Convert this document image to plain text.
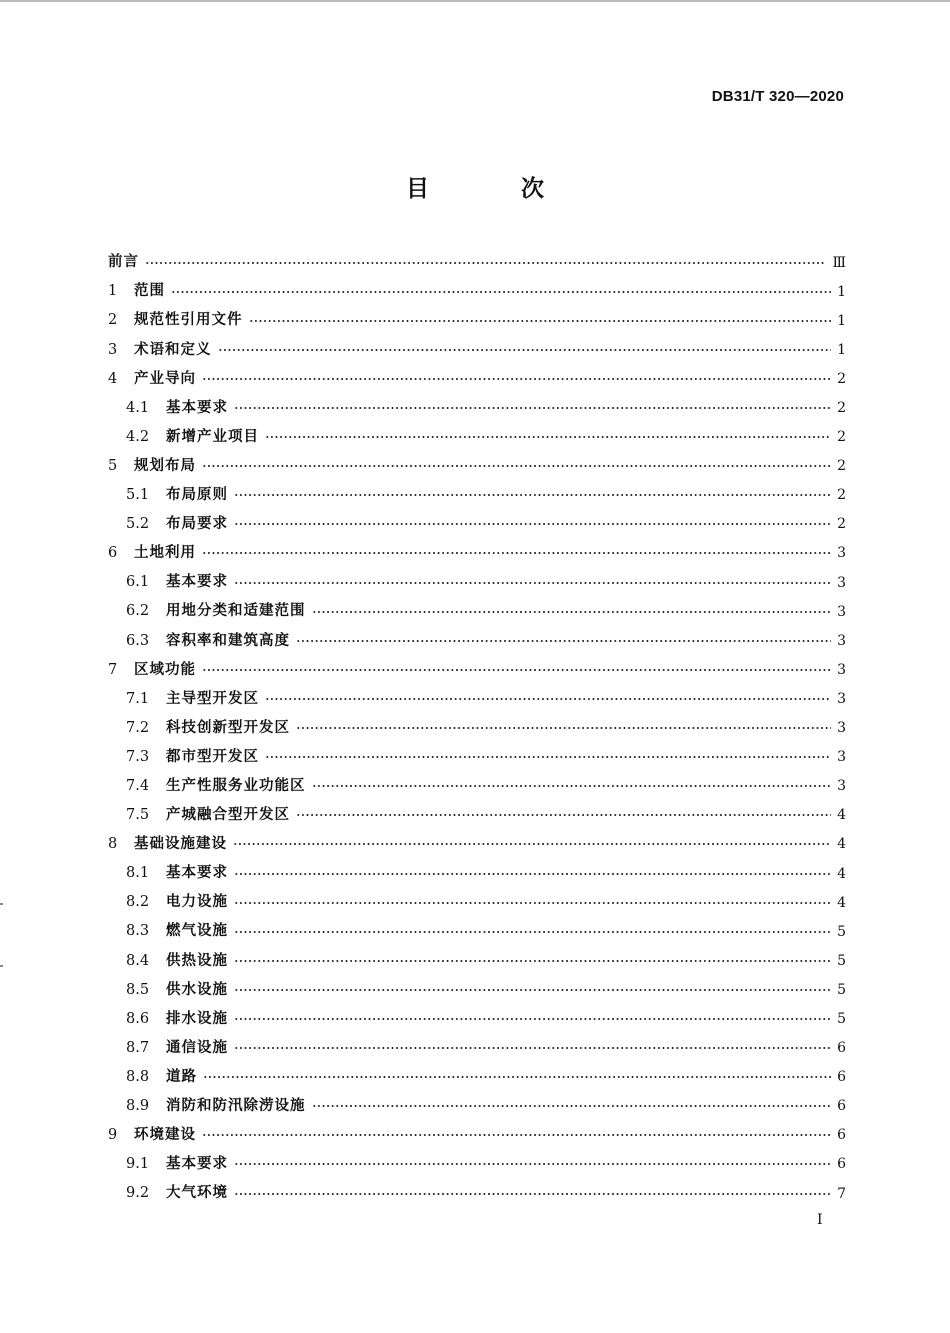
DB31/T 320—2020
目 次
前言	Ⅲ
1	范围	1
2	规范性引用文件	1
3	术语和定义	1
4	产业导向	2
4.1	基本要求	2
4.2	新增产业项目	2
5	规划布局	2
5.1	布局原则	2
5.2	布局要求	2
6	土地利用	3
6.1	基本要求	3
6.2	用地分类和适建范围	3
6.3	容积率和建筑高度	3
7	区域功能	3
7.1	主导型开发区	3
7.2	科技创新型开发区	3
7.3	都市型开发区	3
7.4	生产性服务业功能区	3
7.5	产城融合型开发区	4
8	基础设施建设	4
8.1	基本要求	4
8.2	电力设施	4
8.3	燃气设施	5
8.4	供热设施	5
8.5	供水设施	5
8.6	排水设施	5
8.7	通信设施	6
8.8	道路	6
8.9	消防和防汛除涝设施	6
9	环境建设	6
9.1	基本要求	6
9.2	大气环境	7
I
